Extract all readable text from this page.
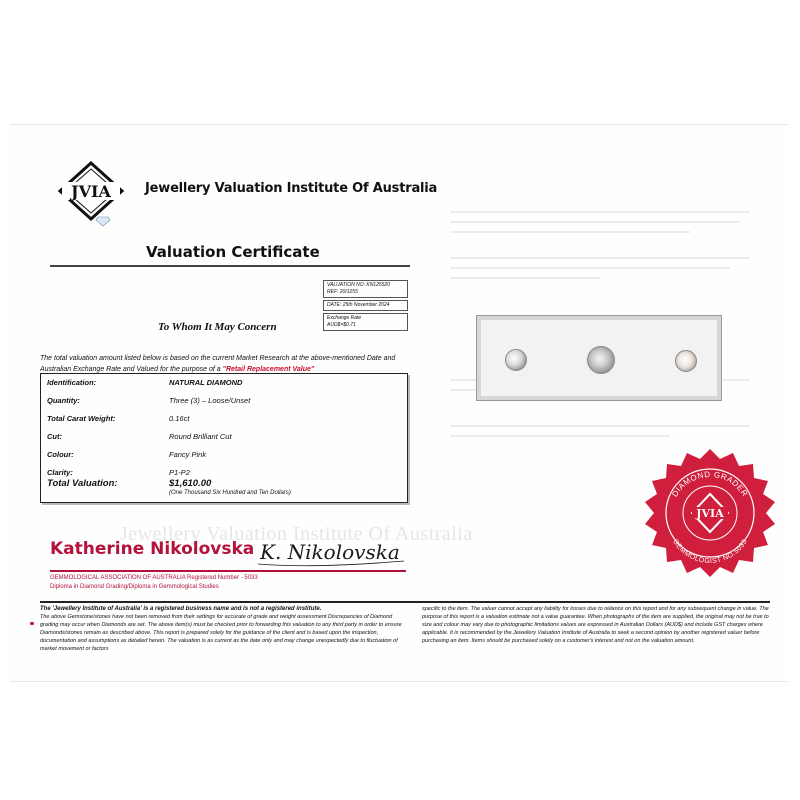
JVIA	Jewellery Valuation Institute Of Australia
Valuation Certificate
VALUATION NO: KN125520
REF: 20/1255
DATE: 25th November 2024
Exchange Rate
AUD$=$0.71
To Whom It May Concern
The total valuation amount listed below is based on the current Market Research at the above-mentioned Date and Australian Exchange Rate and Valued for the purpose of a "Retail Replacement Value"
Identification:	NATURAL DIAMOND
Quantity:	Three (3) – Loose/Unset
Total Carat Weight:	0.16ct
Cut:	Round Brilliant Cut
Colour:	Fancy Pink
Clarity:	P1-P2
Total Valuation:	$1,610.00
(One Thousand Six Hundred and Ten Dollars)
Jewellery Valuation Institute Of Australia
Katherine Nikolovska K. Nikolovska
GEMMOLOGICAL ASSOCIATION OF AUSTRALIA Registered Number - 5033
Diploma in Diamond Grading/Diploma in Gemmological Studies
DIAMOND GRADER
GEMMOLOGIST NO.5033
JVIA
The 'Jewellery Institute of Australia' is a registered business name and is not a registered institute.
The above Gemstone/stones have not been removed from their settings for accurate of grade and weight assessment Discrepancies of Diamond grading may occur when Diamonds are set. The above item(s) must be checked prior to forwarding this valuation to any third party in order to ensure Diamonds/stones remain as described above. This report is prepared solely for the guidance of the client and is based upon the inspection, documentation and assumptions as detailed herein. The valuation is as current as the date only and may change unexpectedly due to fluctuation of market movement or factors
specific to the item. The valuer cannot accept any liability for losses due to reliance on this report and for any subsequent change in value. The purpose of this report is a valuation estimate not a value guarantee. When photographs of the item are supplied, the original may not be true to size and colour may vary due to photographic limitations values are expressed in Australian Dollars (AUD$) and include GST charges where applicable. It is recommended by the Jewellery Valuation Institute of Australia to seek a second opinion by another registered valuer before purchasing an item. Items should be purchased solely on a customer's interest and not on the valuation amount.
